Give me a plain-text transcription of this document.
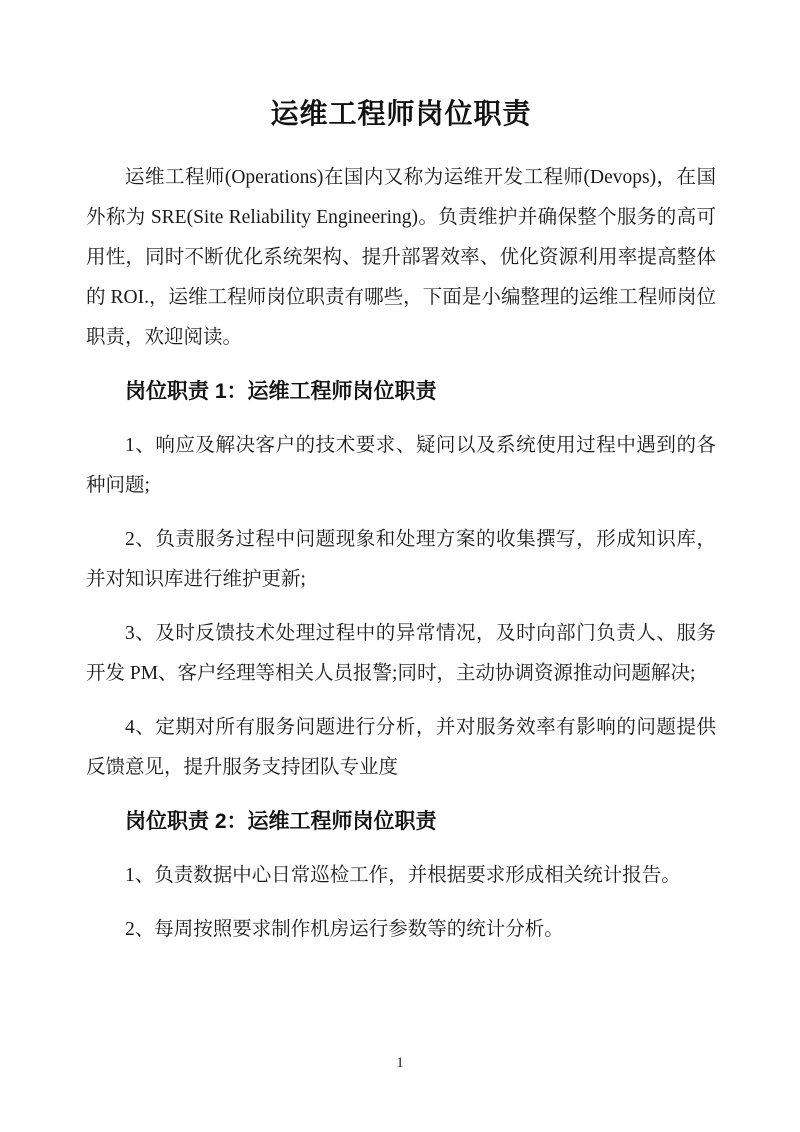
运维工程师岗位职责

运维工程师(Operations)在国内又称为运维开发工程师(Devops)，在国外称为 SRE(Site Reliability Engineering)。负责维护并确保整个服务的高可用性，同时不断优化系统架构、提升部署效率、优化资源利用率提高整体的 ROI.，运维工程师岗位职责有哪些，下面是小编整理的运维工程师岗位职责，欢迎阅读。

岗位职责 1：运维工程师岗位职责

1、响应及解决客户的技术要求、疑问以及系统使用过程中遇到的各种问题;

2、负责服务过程中问题现象和处理方案的收集撰写，形成知识库，并对知识库进行维护更新;

3、及时反馈技术处理过程中的异常情况，及时向部门负责人、服务开发 PM、客户经理等相关人员报警;同时，主动协调资源推动问题解决;

4、定期对所有服务问题进行分析，并对服务效率有影响的问题提供反馈意见，提升服务支持团队专业度

岗位职责 2：运维工程师岗位职责

1、负责数据中心日常巡检工作，并根据要求形成相关统计报告。

2、每周按照要求制作机房运行参数等的统计分析。

1
